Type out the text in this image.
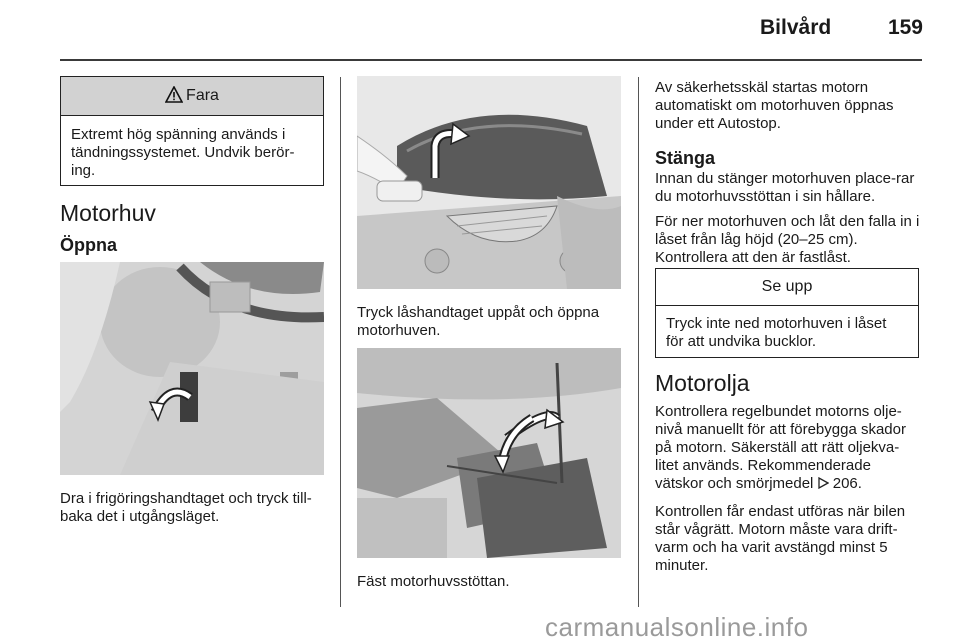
Bilvård	159
Fara
Extremt hög spänning används i tändningssystemet. Undvik berör-ing.
Motorhuv
Öppna
Dra i frigöringshandtaget och tryck till-baka det i utgångsläget.
Tryck låshandtaget uppåt och öppna motorhuven.
Fäst motorhuvsstöttan.
Av säkerhetsskäl startas motorn automatiskt om motorhuven öppnas under ett Autostop.
Stänga
Innan du stänger motorhuven place-rar du motorhuvsstöttan i sin hållare.
För ner motorhuven och låt den falla in i låset från låg höjd (20–25 cm). Kontrollera att den är fastlåst.
Se upp
Tryck inte ned motorhuven i låset för att undvika bucklor.
Motorolja
Kontrollera regelbundet motorns olje-nivå manuellt för att förebygga skador på motorn. Säkerställ att rätt oljekva-litet används. Rekommenderade vätskor och smörjmedel 206.
Kontrollen får endast utföras när bilen står vågrätt. Motorn måste vara drift-varm och ha varit avstängd minst 5 minuter.
carmanualsonline.info
